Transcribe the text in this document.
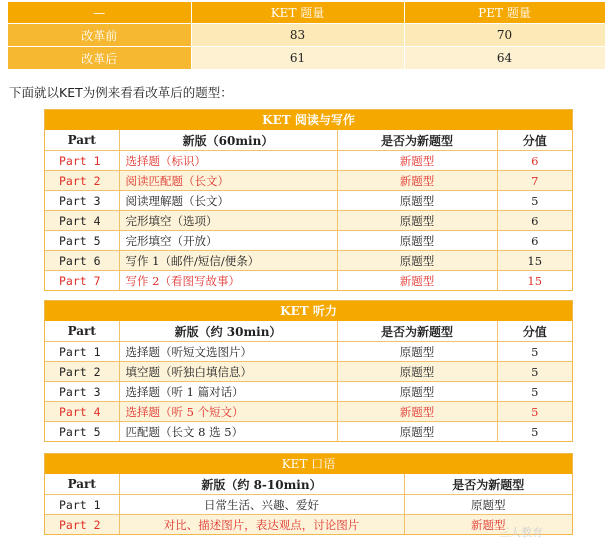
—	KET 题量	PET 题量
改革前	83	70
改革后	61	64
下面就以KET为例来看看改革后的题型：
KET 阅读与写作
Part	新版（60min）	是否为新题型	分值
Part 1	选择题（标识）	新题型	6
Part 2	阅读匹配题（长文）	新题型	7
Part 3	阅读理解题（长文）	原题型	5
Part 4	完形填空（选项）	原题型	6
Part 5	完形填空（开放）	原题型	6
Part 6	写作 1（邮件/短信/便条）	原题型	15
Part 7	写作 2（看图写故事）	新题型	15
KET 听力
Part	新版（约 30min）	是否为新题型	分值
Part 1	选择题（听短文选图片）	原题型	5
Part 2	填空题（听独白填信息）	原题型	5
Part 3	选择题（听 1 篇对话）	原题型	5
Part 4	选择题（听 5 个短文）	新题型	5
Part 5	匹配题（长文 8 选 5）	原题型	5
KET 口语
Part	新版（约 8-10min）	是否为新题型
Part 1	日常生活、兴趣、爱好	原题型
Part 2	对比、描述图片，表达观点，讨论图片	新题型
三人教育
